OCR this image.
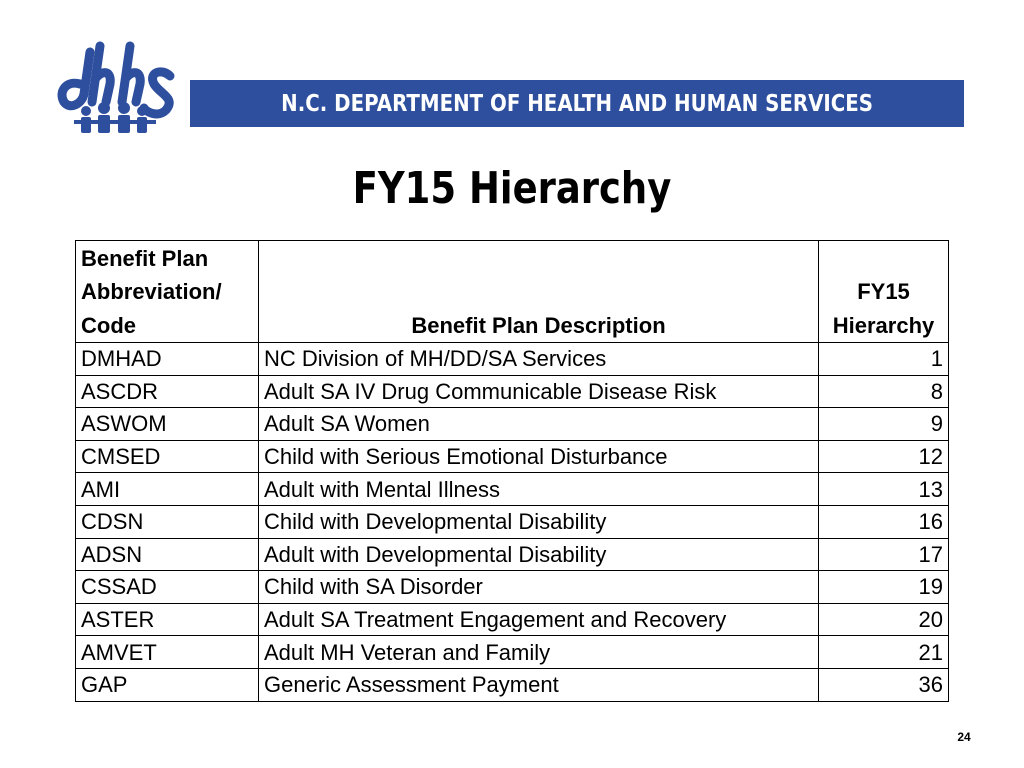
N.C. DEPARTMENT OF HEALTH AND HUMAN SERVICES
FY15 Hierarchy
Benefit Plan
Abbreviation/
Code	Benefit Plan Description	FY15
Hierarchy
DMHAD	NC Division of MH/DD/SA Services	1
ASCDR	Adult SA IV Drug Communicable Disease Risk	8
ASWOM	Adult SA Women	9
CMSED	Child with Serious Emotional Disturbance	12
AMI	Adult with Mental Illness	13
CDSN	Child with Developmental Disability	16
ADSN	Adult with Developmental Disability	17
CSSAD	Child with SA Disorder	19
ASTER	Adult SA Treatment Engagement and Recovery	20
AMVET	Adult MH Veteran and Family	21
GAP	Generic Assessment Payment	36
24
